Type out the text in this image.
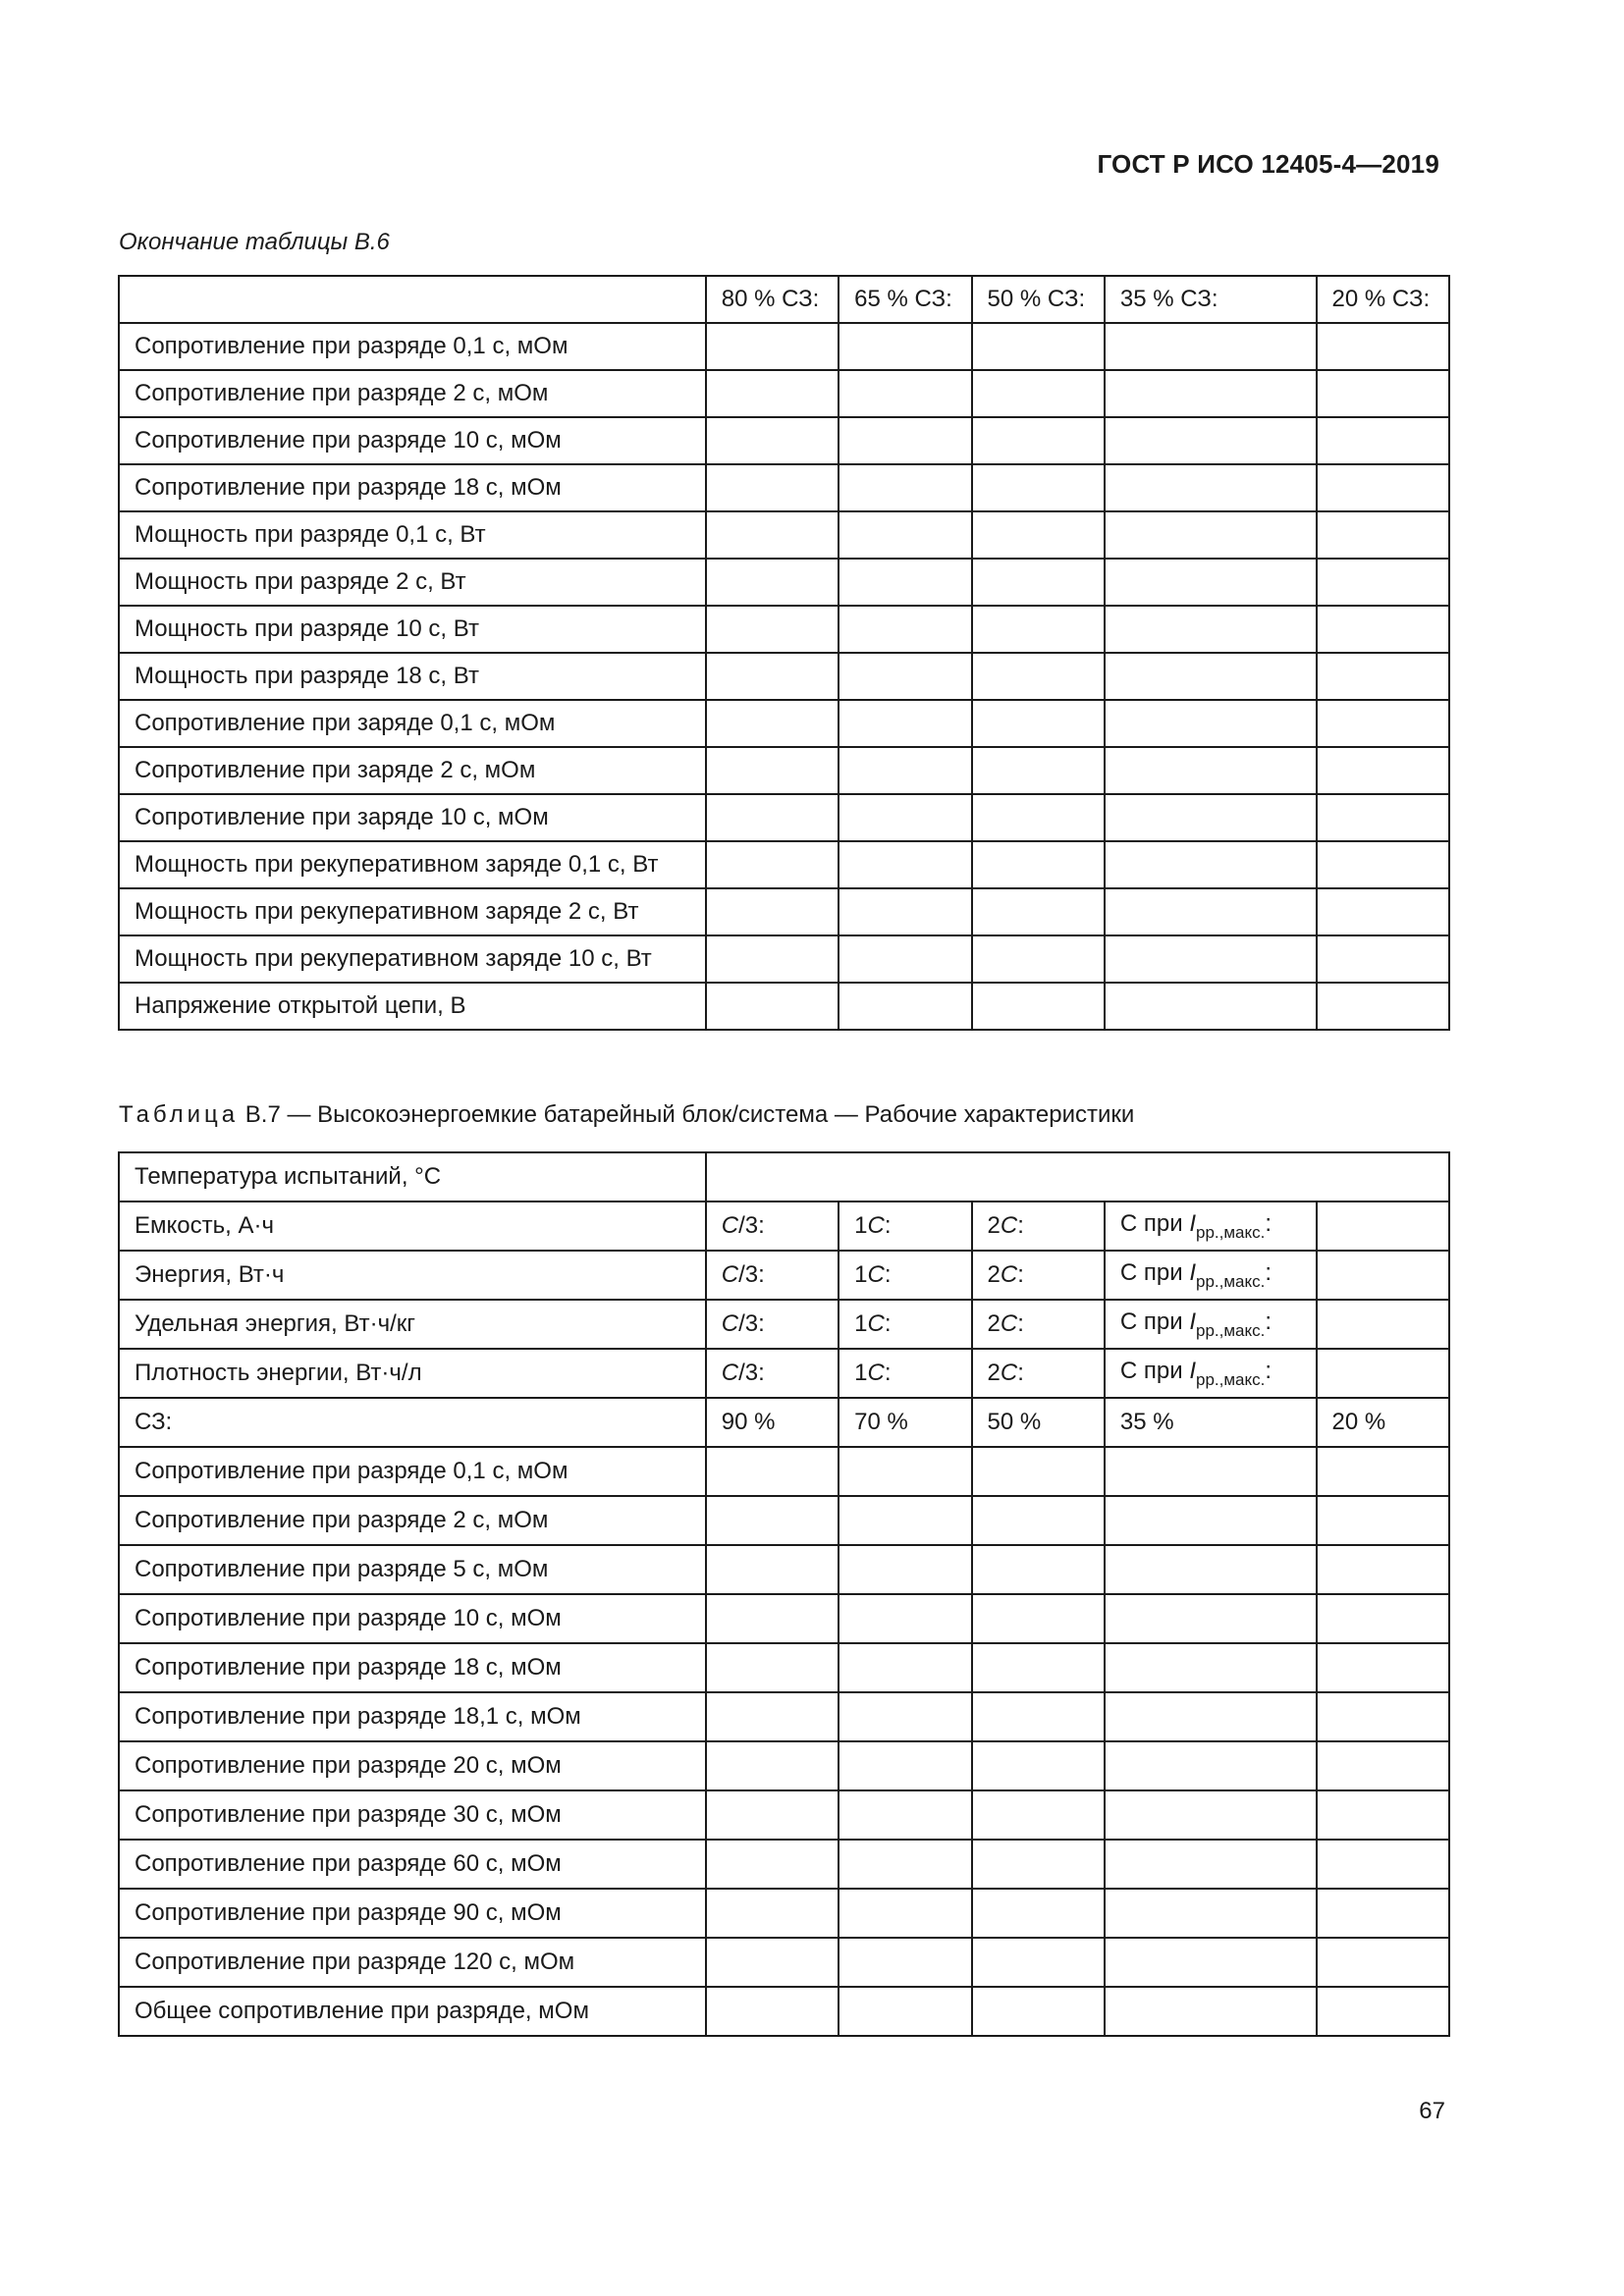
ГОСТ Р ИСО 12405-4—2019
Окончание таблицы В.6
	80 % СЗ:	65 % СЗ:	50 % СЗ:	35 % СЗ:	20 % СЗ:
Сопротивление при разряде 0,1 с, мОм					
Сопротивление при разряде 2 с, мОм					
Сопротивление при разряде 10 с, мОм					
Сопротивление при разряде 18 с, мОм					
Мощность при разряде 0,1 с, Вт					
Мощность при разряде 2 с, Вт					
Мощность при разряде 10 с, Вт					
Мощность при разряде 18 с, Вт					
Сопротивление при заряде 0,1 с, мОм					
Сопротивление при заряде 2 с, мОм					
Сопротивление при заряде 10 с, мОм					
Мощность при рекуперативном заряде 0,1 с, Вт					
Мощность при рекуперативном заряде 2 с, Вт					
Мощность при рекуперативном заряде 10 с, Вт					
Напряжение открытой цепи, В					
Таблица В.7 — Высокоэнергоемкие батарейный блок/система — Рабочие характеристики
Температура испытаний, °C					
Емкость, А·ч	C/3:	1C:	2C:	С при $I_{рр.,макс.}$:	
Энергия, Вт·ч	C/3:	1C:	2C:	С при $I_{рр.,макс.}$:	
Удельная энергия, Вт·ч/кг	C/3:	1C:	2C:	С при $I_{рр.,макс.}$:	
Плотность энергии, Вт·ч/л	C/3:	1C:	2C:	С при $I_{рр.,макс.}$:	
СЗ:	90 %	70 %	50 %	35 %	20 %
Сопротивление при разряде 0,1 с, мОм					
Сопротивление при разряде 2 с, мОм					
Сопротивление при разряде 5 с, мОм					
Сопротивление при разряде 10 с, мОм					
Сопротивление при разряде 18 с, мОм					
Сопротивление при разряде 18,1 с, мОм					
Сопротивление при разряде 20 с, мОм					
Сопротивление при разряде 30 с, мОм					
Сопротивление при разряде 60 с, мОм					
Сопротивление при разряде 90 с, мОм					
Сопротивление при разряде 120 с, мОм					
Общее сопротивление при разряде, мОм					
67
